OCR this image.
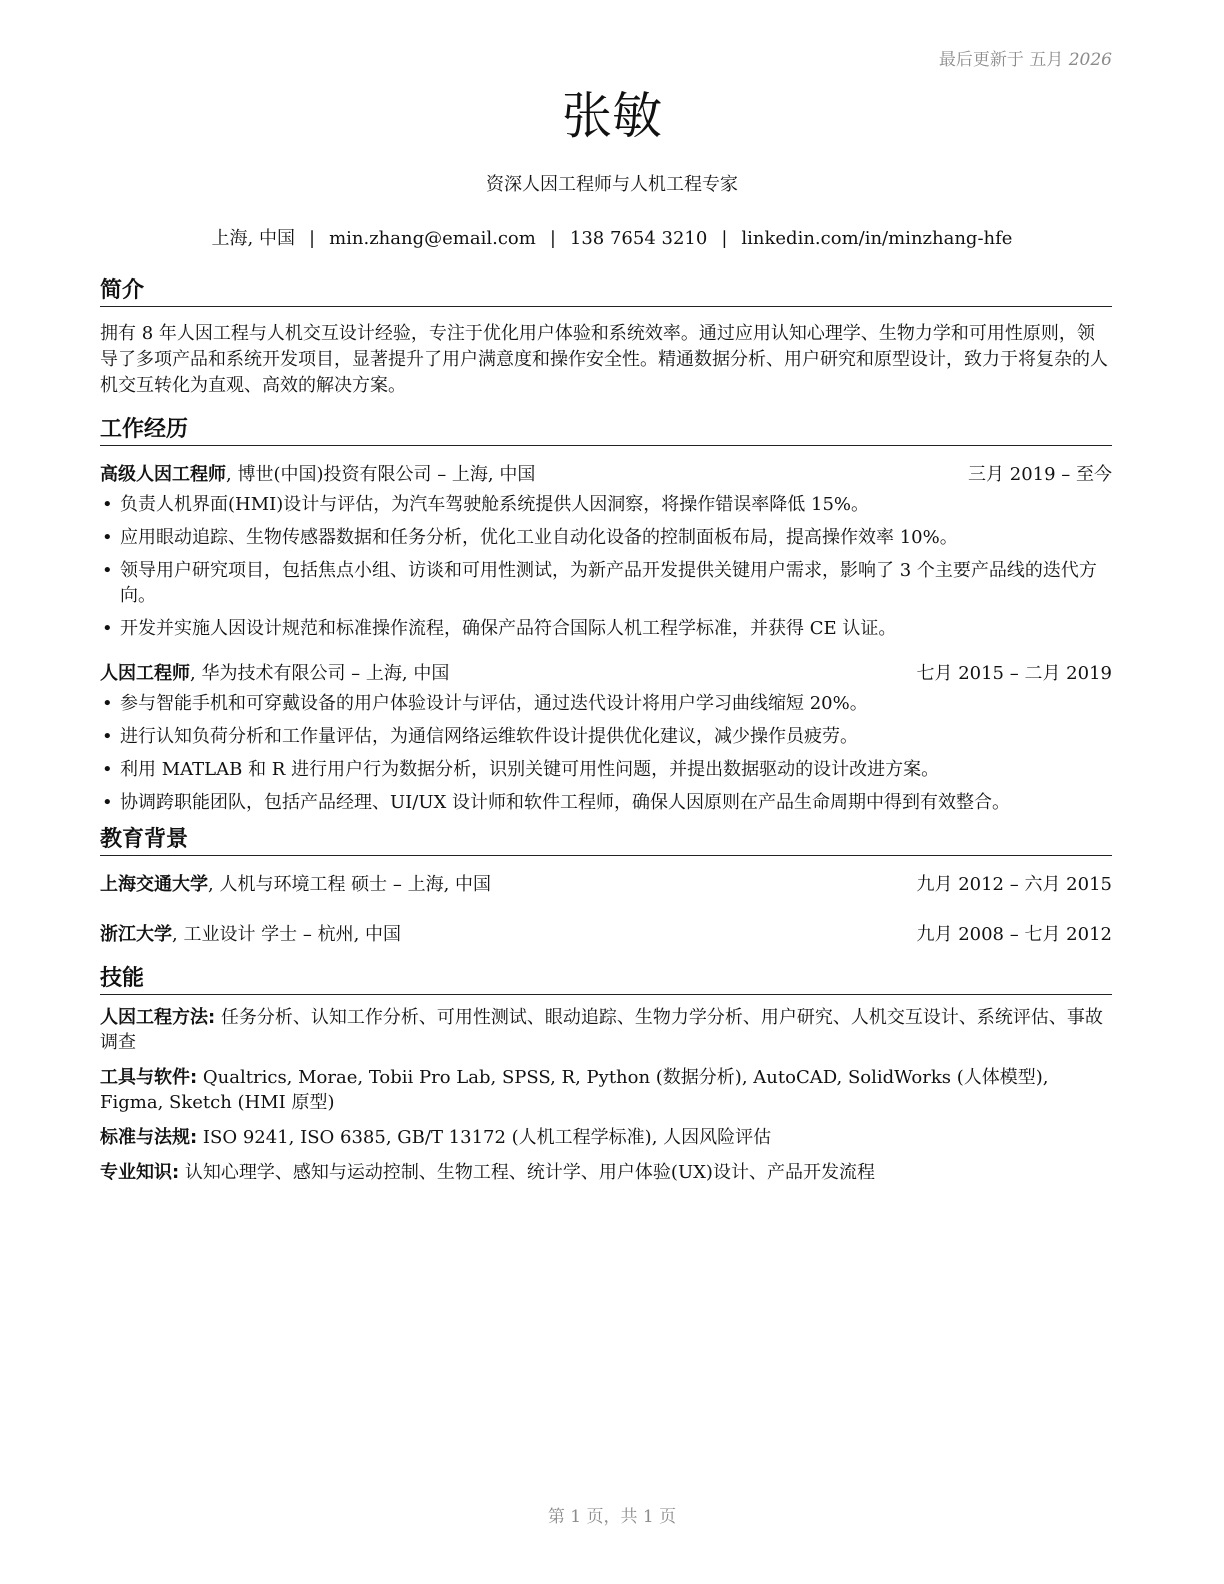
最后更新于 五月 2026
张敏
资深人因工程师与人机工程专家
上海, 中国 | min.zhang@email.com | 138 7654 3210 | linkedin.com/in/minzhang-hfe
简介
拥有 8 年人因工程与人机交互设计经验，专注于优化用户体验和系统效率。通过应用认知心理学、生物力学和可用性原则，领导了多项产品和系统开发项目，显著提升了用户满意度和操作安全性。精通数据分析、用户研究和原型设计，致力于将复杂的人机交互转化为直观、高效的解决方案。
工作经历
高级人因工程师, 博世(中国)投资有限公司 – 上海, 中国	三月 2019 – 至今
• 负责人机界面(HMI)设计与评估，为汽车驾驶舱系统提供人因洞察，将操作错误率降低 15%。
• 应用眼动追踪、生物传感器数据和任务分析，优化工业自动化设备的控制面板布局，提高操作效率 10%。
• 领导用户研究项目，包括焦点小组、访谈和可用性测试，为新产品开发提供关键用户需求，影响了 3 个主要产品线的迭代方向。
• 开发并实施人因设计规范和标准操作流程，确保产品符合国际人机工程学标准，并获得 CE 认证。
人因工程师, 华为技术有限公司 – 上海, 中国	七月 2015 – 二月 2019
• 参与智能手机和可穿戴设备的用户体验设计与评估，通过迭代设计将用户学习曲线缩短 20%。
• 进行认知负荷分析和工作量评估，为通信网络运维软件设计提供优化建议，减少操作员疲劳。
• 利用 MATLAB 和 R 进行用户行为数据分析，识别关键可用性问题，并提出数据驱动的设计改进方案。
• 协调跨职能团队，包括产品经理、UI/UX 设计师和软件工程师，确保人因原则在产品生命周期中得到有效整合。
教育背景
上海交通大学, 人机与环境工程 硕士 – 上海, 中国	九月 2012 – 六月 2015
浙江大学, 工业设计 学士 – 杭州, 中国	九月 2008 – 七月 2012
技能
人因工程方法: 任务分析、认知工作分析、可用性测试、眼动追踪、生物力学分析、用户研究、人机交互设计、系统评估、事故调查
工具与软件: Qualtrics, Morae, Tobii Pro Lab, SPSS, R, Python (数据分析), AutoCAD, SolidWorks (人体模型), Figma, Sketch (HMI 原型)
标准与法规: ISO 9241, ISO 6385, GB/T 13172 (人机工程学标准), 人因风险评估
专业知识: 认知心理学、感知与运动控制、生物工程、统计学、用户体验(UX)设计、产品开发流程
第 1 页，共 1 页
